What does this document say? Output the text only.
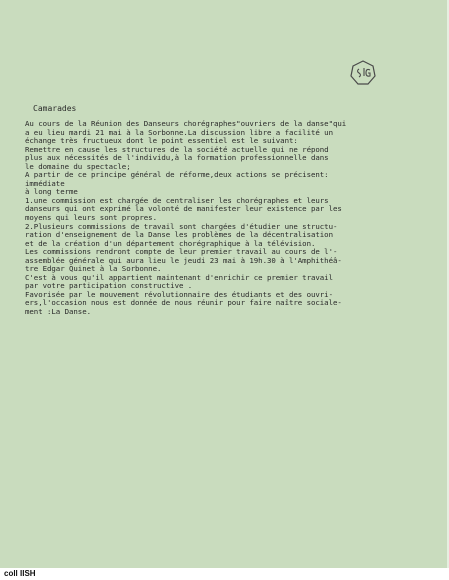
Camarades
Au cours de la Réunion des Danseurs chorégraphes"ouvriers de la danse"qui
a eu lieu mardi 21 mai à la Sorbonne.La discussion libre a facilité un
échange très fructueux dont le point essentiel est le suivant:
Remettre en cause les structures de la société actuelle qui ne répond
plus aux nécessités de l'individu,à la formation professionnelle dans
le domaine du spectacle;
A partir de ce principe général de réforme,deux actions se précisent:
immédiate
à long terme
1.une commission est chargée de centraliser les chorégraphes et leurs
danseurs qui ont exprimé la volonté de manifester leur existence par les
moyens qui leurs sont propres.
2.Plusieurs commissions de travail sont chargées d'étudier une structu-
ration d'enseignement de la Danse les problèmes de la décentralisation
et de la création d'un département chorégraphique à la télévision.
Les commissions rendront compte de leur premier travail au cours de l'-
assemblée générale qui aura lieu le jeudi 23 mai à 19h.30 à l'Amphithéâ-
tre Edgar Quinet à la Sorbonne.
C'est à vous qu'il appartient maintenant d'enrichir ce premier travail
par votre participation constructive .
Favorisée par le mouvement révolutionnaire des étudiants et des ouvri-
ers,l'occasion nous est donnée de nous réunir pour faire naître sociale-
ment :La Danse.
coll IISH
